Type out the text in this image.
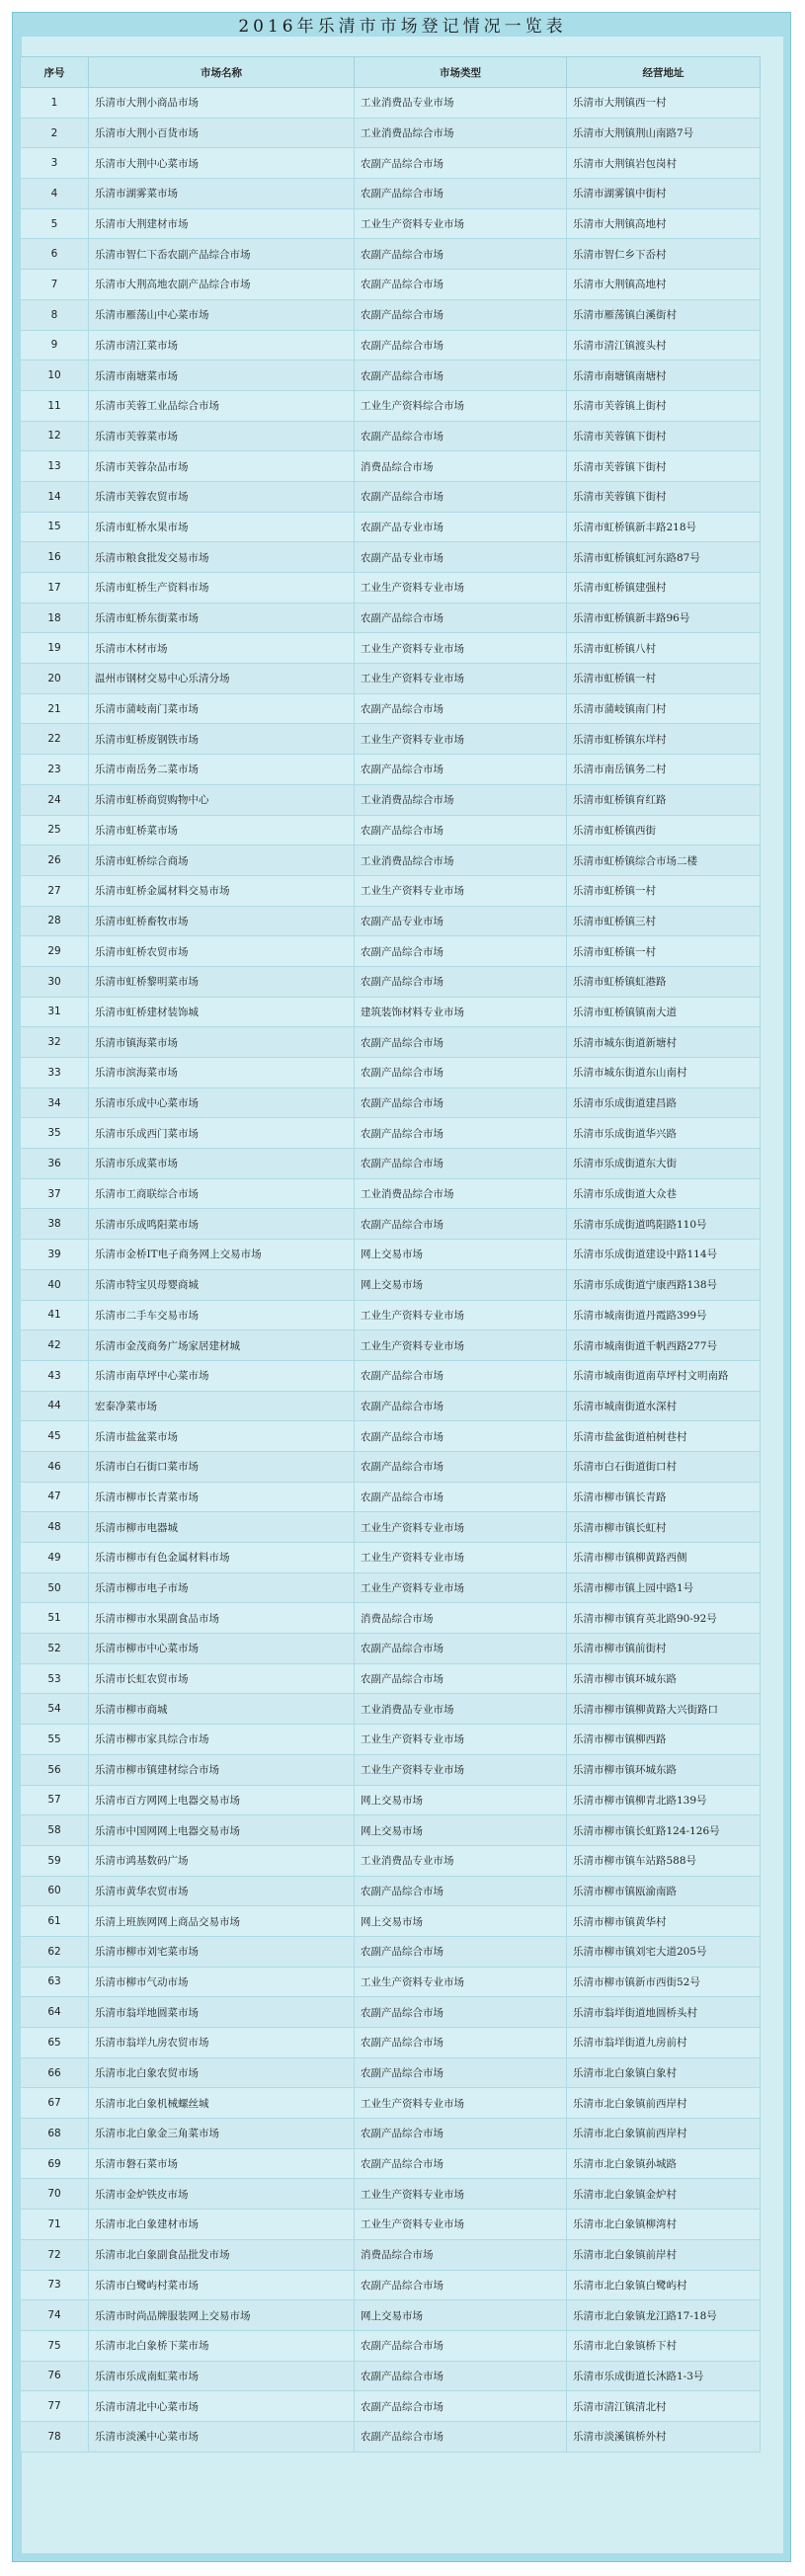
2016年乐清市市场登记情况一览表
序号	市场名称	市场类型	经营地址
1	乐清市大荆小商品市场	工业消费品专业市场	乐清市大荆镇西一村
2	乐清市大荆小百货市场	工业消费品综合市场	乐清市大荆镇荆山南路7号
3	乐清市大荆中心菜市场	农副产品综合市场	乐清市大荆镇岩包岗村
4	乐清市湖雾菜市场	农副产品综合市场	乐清市湖雾镇中街村
5	乐清市大荆建材市场	工业生产资料专业市场	乐清市大荆镇高地村
6	乐清市智仁下岙农副产品综合市场	农副产品综合市场	乐清市智仁乡下岙村
7	乐清市大荆高地农副产品综合市场	农副产品综合市场	乐清市大荆镇高地村
8	乐清市雁荡山中心菜市场	农副产品综合市场	乐清市雁荡镇白溪街村
9	乐清市清江菜市场	农副产品综合市场	乐清市清江镇渡头村
10	乐清市南塘菜市场	农副产品综合市场	乐清市南塘镇南塘村
11	乐清市芙蓉工业品综合市场	工业生产资料综合市场	乐清市芙蓉镇上街村
12	乐清市芙蓉菜市场	农副产品综合市场	乐清市芙蓉镇下街村
13	乐清市芙蓉杂品市场	消费品综合市场	乐清市芙蓉镇下街村
14	乐清市芙蓉农贸市场	农副产品综合市场	乐清市芙蓉镇下街村
15	乐清市虹桥水果市场	农副产品专业市场	乐清市虹桥镇新丰路218号
16	乐清市粮食批发交易市场	农副产品专业市场	乐清市虹桥镇虹河东路87号
17	乐清市虹桥生产资料市场	工业生产资料专业市场	乐清市虹桥镇建强村
18	乐清市虹桥东街菜市场	农副产品综合市场	乐清市虹桥镇新丰路96号
19	乐清市木材市场	工业生产资料专业市场	乐清市虹桥镇八村
20	温州市钢材交易中心乐清分场	工业生产资料专业市场	乐清市虹桥镇一村
21	乐清市蒲岐南门菜市场	农副产品综合市场	乐清市蒲岐镇南门村
22	乐清市虹桥废钢铁市场	工业生产资料专业市场	乐清市虹桥镇东垟村
23	乐清市南岳务二菜市场	农副产品综合市场	乐清市南岳镇务二村
24	乐清市虹桥商贸购物中心	工业消费品综合市场	乐清市虹桥镇育红路
25	乐清市虹桥菜市场	农副产品综合市场	乐清市虹桥镇西街
26	乐清市虹桥综合商场	工业消费品综合市场	乐清市虹桥镇综合市场二楼
27	乐清市虹桥金属材料交易市场	工业生产资料专业市场	乐清市虹桥镇一村
28	乐清市虹桥畜牧市场	农副产品专业市场	乐清市虹桥镇三村
29	乐清市虹桥农贸市场	农副产品综合市场	乐清市虹桥镇一村
30	乐清市虹桥黎明菜市场	农副产品综合市场	乐清市虹桥镇虹港路
31	乐清市虹桥建材装饰城	建筑装饰材料专业市场	乐清市虹桥镇镇南大道
32	乐清市镇海菜市场	农副产品综合市场	乐清市城东街道新塘村
33	乐清市滨海菜市场	农副产品综合市场	乐清市城东街道东山南村
34	乐清市乐成中心菜市场	农副产品综合市场	乐清市乐成街道建昌路
35	乐清市乐成西门菜市场	农副产品综合市场	乐清市乐成街道华兴路
36	乐清市乐成菜市场	农副产品综合市场	乐清市乐成街道东大街
37	乐清市工商联综合市场	工业消费品综合市场	乐清市乐成街道大众巷
38	乐清市乐成鸣阳菜市场	农副产品综合市场	乐清市乐成街道鸣阳路110号
39	乐清市金桥IT电子商务网上交易市场	网上交易市场	乐清市乐成街道建设中路114号
40	乐清市特宝贝母婴商城	网上交易市场	乐清市乐成街道宁康西路138号
41	乐清市二手车交易市场	工业生产资料专业市场	乐清市城南街道丹霞路399号
42	乐清市金茂商务广场家居建材城	工业生产资料专业市场	乐清市城南街道千帆西路277号
43	乐清市南草坪中心菜市场	农副产品综合市场	乐清市城南街道南草坪村文明南路
44	宏泰净菜市场	农副产品综合市场	乐清市城南街道水深村
45	乐清市盐盆菜市场	农副产品综合市场	乐清市盐盆街道柏树巷村
46	乐清市白石街口菜市场	农副产品综合市场	乐清市白石街道街口村
47	乐清市柳市长青菜市场	农副产品综合市场	乐清市柳市镇长青路
48	乐清市柳市电器城	工业生产资料专业市场	乐清市柳市镇长虹村
49	乐清市柳市有色金属材料市场	工业生产资料专业市场	乐清市柳市镇柳黄路西侧
50	乐清市柳市电子市场	工业生产资料专业市场	乐清市柳市镇上园中路1号
51	乐清市柳市水果副食品市场	消费品综合市场	乐清市柳市镇育英北路90-92号
52	乐清市柳市中心菜市场	农副产品综合市场	乐清市柳市镇前街村
53	乐清市长虹农贸市场	农副产品综合市场	乐清市柳市镇环城东路
54	乐清市柳市商城	工业消费品专业市场	乐清市柳市镇柳黄路大兴街路口
55	乐清市柳市家具综合市场	工业生产资料专业市场	乐清市柳市镇柳西路
56	乐清市柳市镇建材综合市场	工业生产资料专业市场	乐清市柳市镇环城东路
57	乐清市百方网网上电器交易市场	网上交易市场	乐清市柳市镇柳青北路139号
58	乐清市中国网网上电器交易市场	网上交易市场	乐清市柳市镇长虹路124-126号
59	乐清市鸿基数码广场	工业消费品专业市场	乐清市柳市镇车站路588号
60	乐清市黄华农贸市场	农副产品综合市场	乐清市柳市镇瓯渝南路
61	乐清上班族网网上商品交易市场	网上交易市场	乐清市柳市镇黄华村
62	乐清市柳市刘宅菜市场	农副产品综合市场	乐清市柳市镇刘宅大道205号
63	乐清市柳市气动市场	工业生产资料专业市场	乐清市柳市镇新市西街52号
64	乐清市翁垟地圆菜市场	农副产品综合市场	乐清市翁垟街道地圆桥头村
65	乐清市翁垟九房农贸市场	农副产品综合市场	乐清市翁垟街道九房前村
66	乐清市北白象农贸市场	农副产品综合市场	乐清市北白象镇白象村
67	乐清市北白象机械螺丝城	工业生产资料专业市场	乐清市北白象镇前西岸村
68	乐清市北白象金三角菜市场	农副产品综合市场	乐清市北白象镇前西岸村
69	乐清市磐石菜市场	农副产品综合市场	乐清市北白象镇孙城路
70	乐清市金炉铁皮市场	工业生产资料专业市场	乐清市北白象镇金炉村
71	乐清市北白象建材市场	工业生产资料专业市场	乐清市北白象镇柳湾村
72	乐清市北白象副食品批发市场	消费品综合市场	乐清市北白象镇前岸村
73	乐清市白鹭屿村菜市场	农副产品综合市场	乐清市北白象镇白鹭屿村
74	乐清市时尚品牌服装网上交易市场	网上交易市场	乐清市北白象镇龙江路17-18号
75	乐清市北白象桥下菜市场	农副产品综合市场	乐清市北白象镇桥下村
76	乐清市乐成南虹菜市场	农副产品综合市场	乐清市乐成街道长沐路1-3号
77	乐清市清北中心菜市场	农副产品综合市场	乐清市清江镇清北村
78	乐清市淡溪中心菜市场	农副产品综合市场	乐清市淡溪镇桥外村
